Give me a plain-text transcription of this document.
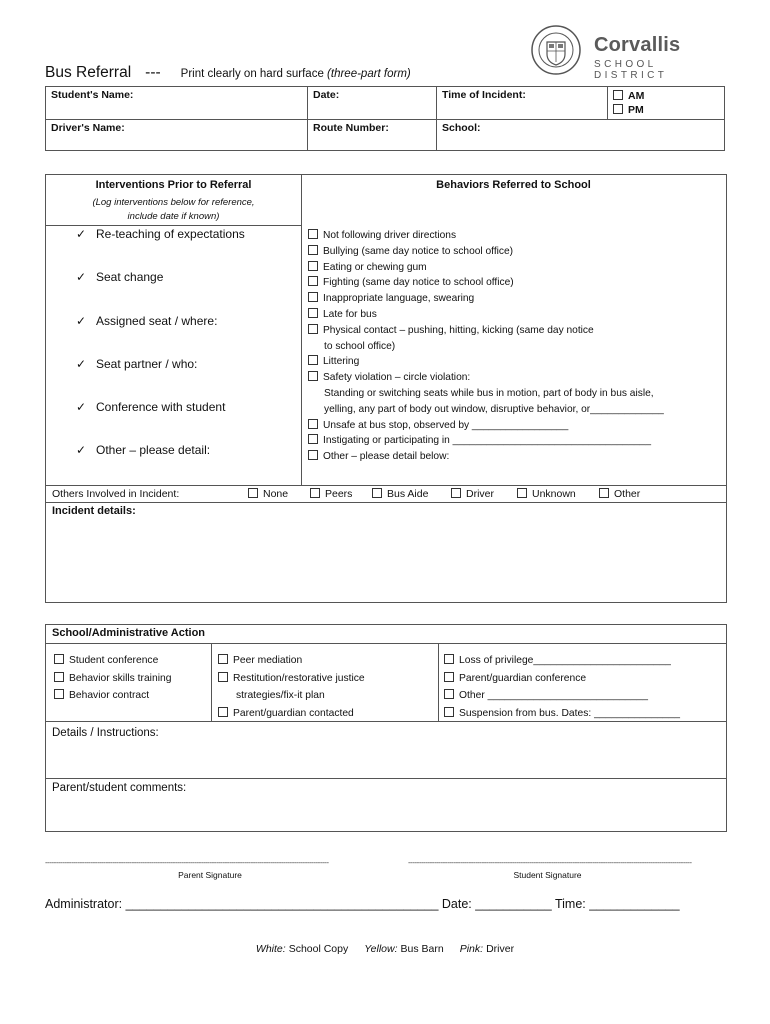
Bus Referral --- Print clearly on hard surface (three-part form)
Corvallis
SCHOOL DISTRICT
Student's Name:	Date:	Time of Incident:	AM
PM

Driver's Name:	Route Number:	School:	
Interventions Prior to Referral
(Log interventions below for reference,
include date if known)
✓ Re-teaching of expectations
✓ Seat change
✓ Assigned seat / where:
✓ Seat partner / who:
✓ Conference with student
✓ Other – please detail:
Behaviors Referred to School
Not following driver directions
Bullying (same day notice to school office)
Eating or chewing gum
Fighting (same day notice to school office)
Inappropriate language, swearing
Late for bus
Physical contact – pushing, hitting, kicking (same day notice
to school office)
Littering
Safety violation – circle violation:
Standing or switching seats while bus in motion, part of body in bus aisle,
yelling, any part of body out window, disruptive behavior, or_____________
Unsafe at bus stop, observed by _________________
Instigating or participating in ___________________________________
Other – please detail below:
Others Involved in Incident:	None	Peers	Bus Aide	Driver	Unknown	Other
Incident details:
School/Administrative Action
Student conference
Behavior skills training
Behavior contract
Peer mediation
Restitution/restorative justice
strategies/fix-it plan
Parent/guardian contacted
Loss of privilege________________________
Parent/guardian conference
Other ____________________________
Suspension from bus. Dates: _______________
Details / Instructions:
Parent/student comments:
-----------------------------------------------------------------------------------------------------------------------------------	-----------------------------------------------------------------------------------------------------------------------------------
Parent Signature	Student Signature
Administrator: _____________________________________________ Date: ___________ Time: _____________
White: School Copy Yellow: Bus Barn Pink: Driver
